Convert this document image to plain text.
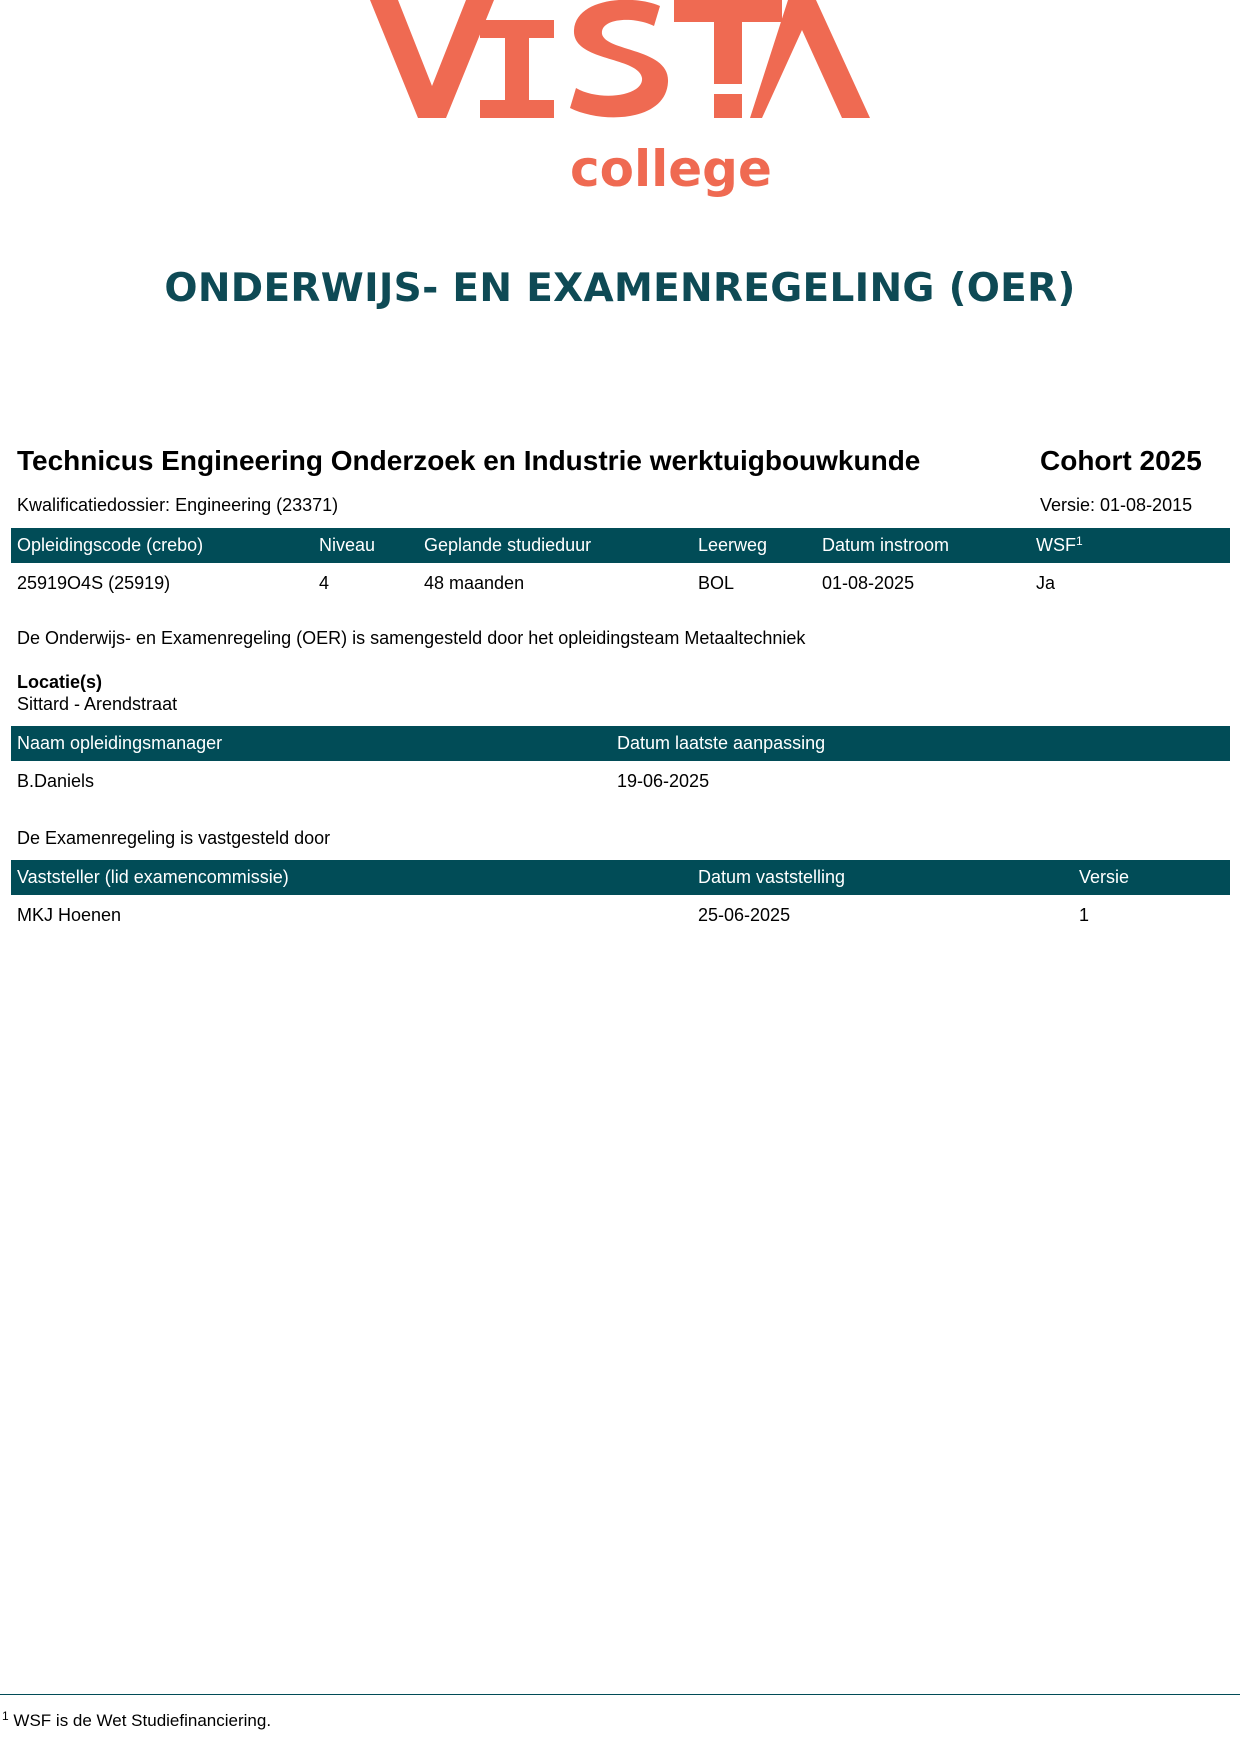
college
ONDERWIJS- EN EXAMENREGELING (OER)
Technicus Engineering Onderzoek en Industrie werktuigbouwkunde	Cohort 2025
Kwalificatiedossier: Engineering (23371)	Versie: 01-08-2015
Opleidingscode (crebo)	Niveau	Geplande studieduur	Leerweg	Datum instroom	WSF$^1$
25919O4S (25919)	4	48 maanden	BOL	01-08-2025	Ja
De Onderwijs- en Examenregeling (OER) is samengesteld door het opleidingsteam Metaaltechniek
Locatie(s)
Sittard - Arendstraat
Naam opleidingsmanager	Datum laatste aanpassing
B.Daniels	19-06-2025
De Examenregeling is vastgesteld door
Vaststeller (lid examencommissie)	Datum vaststelling	Versie
MKJ Hoenen	25-06-2025	1
$^1$ WSF is de Wet Studiefinanciering.
